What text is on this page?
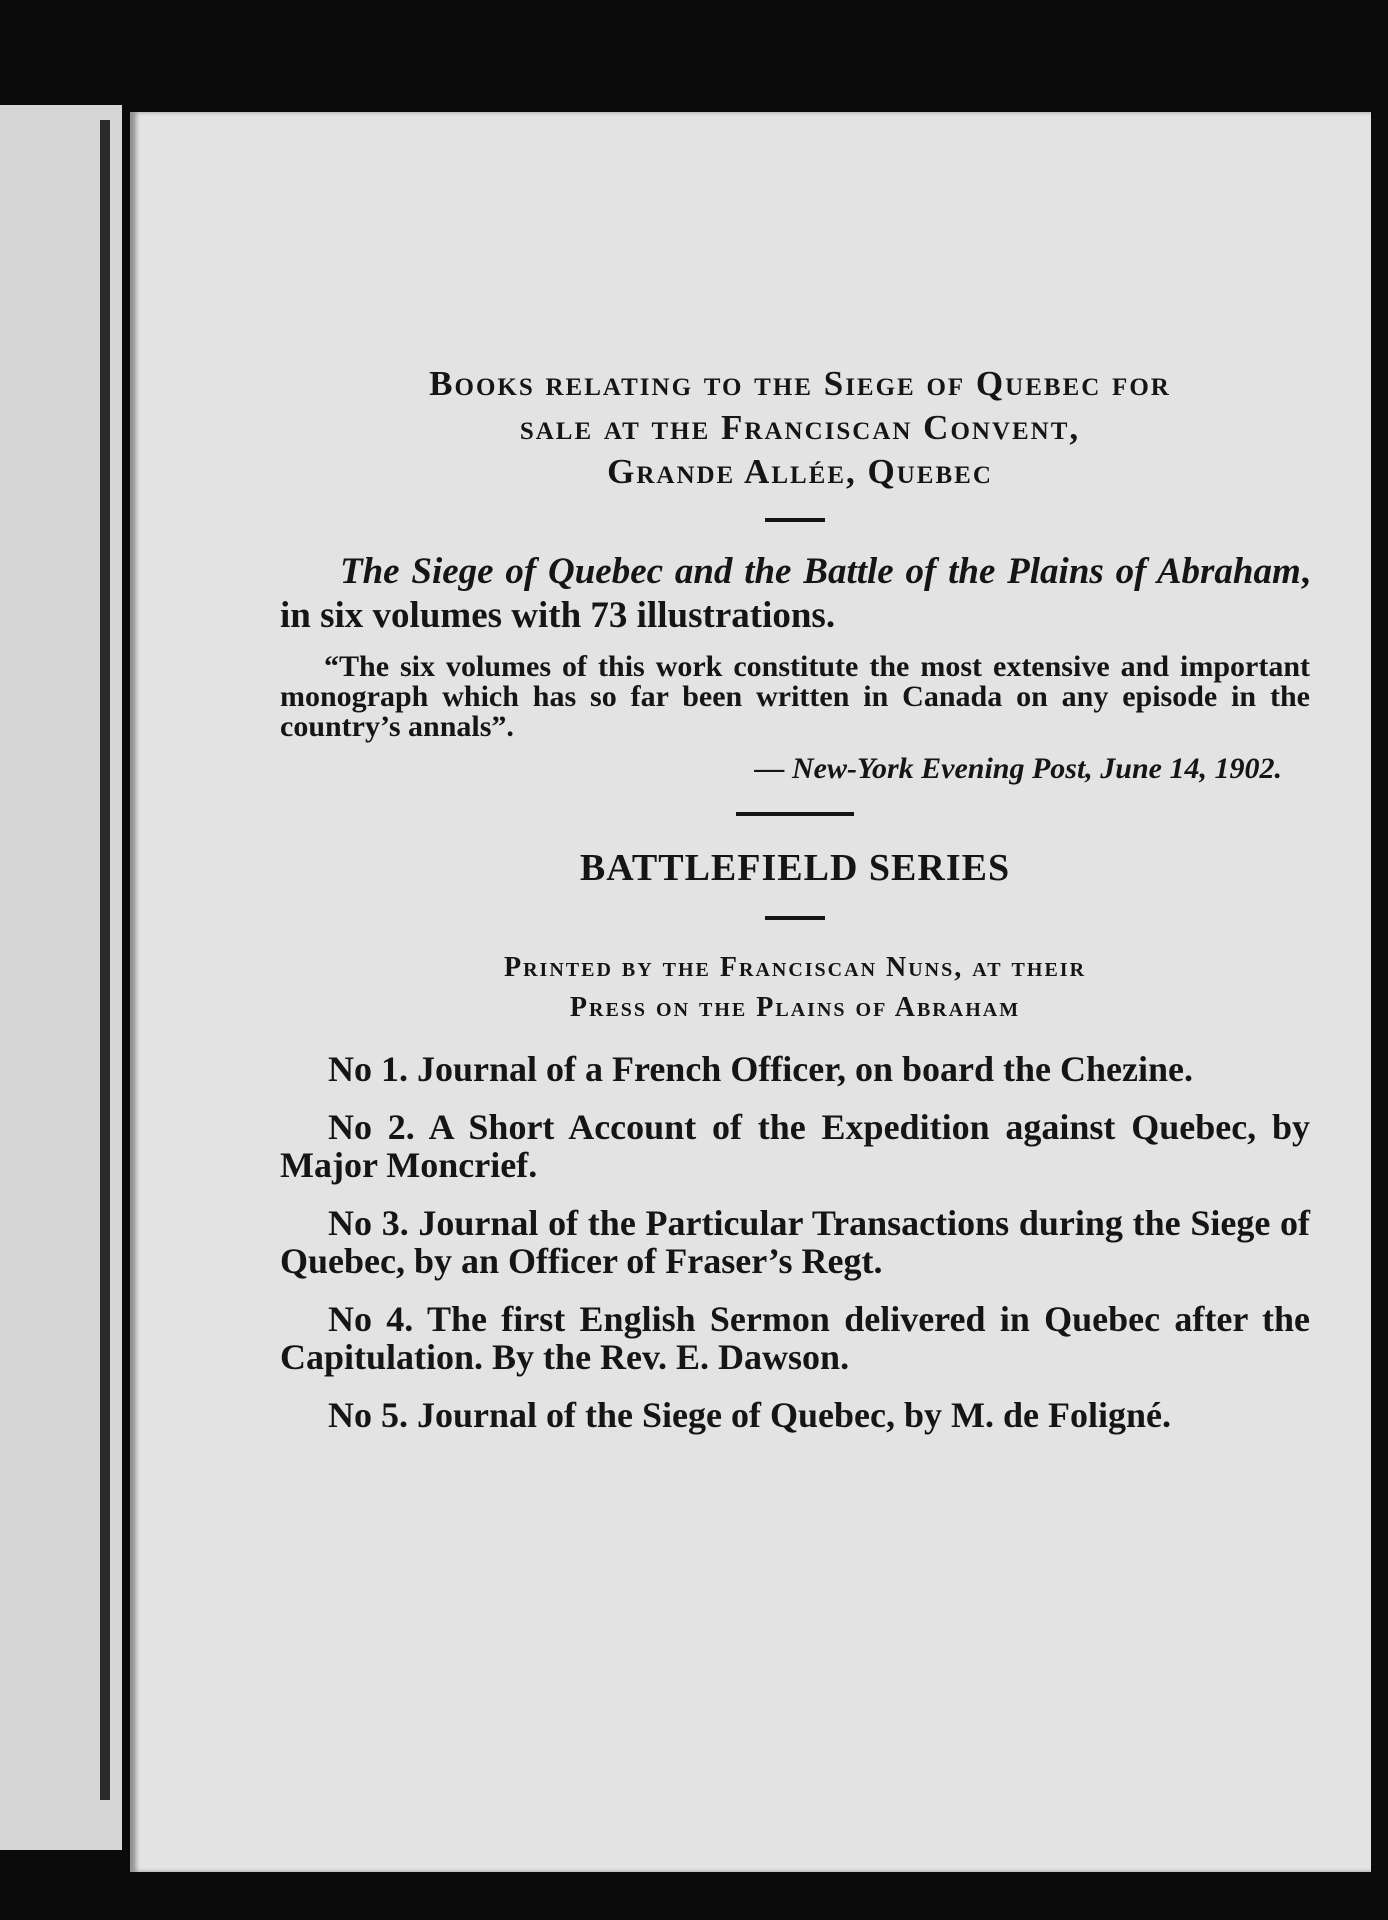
Books relating to the Siege of Quebec for
sale at the Franciscan Convent,
Grande Allée, Quebec
The Siege of Quebec and the Battle of the Plains of Abraham, in six volumes with 73 illustrations.
“The six volumes of this work constitute the most extensive and important monograph which has so far been written in Canada on any episode in the country’s annals”.
— New-York Evening Post, June 14, 1902.
BATTLEFIELD SERIES
Printed by the Franciscan Nuns, at their
Press on the Plains of Abraham
No 1. Journal of a French Officer, on board the Chezine.
No 2. A Short Account of the Expedition against Quebec, by Major Moncrief.
No 3. Journal of the Particular Transactions during the Siege of Quebec, by an Officer of Fraser’s Regt.
No 4. The first English Sermon delivered in Quebec after the Capitulation. By the Rev. E. Dawson.
No 5. Journal of the Siege of Quebec, by M. de Foligné.
